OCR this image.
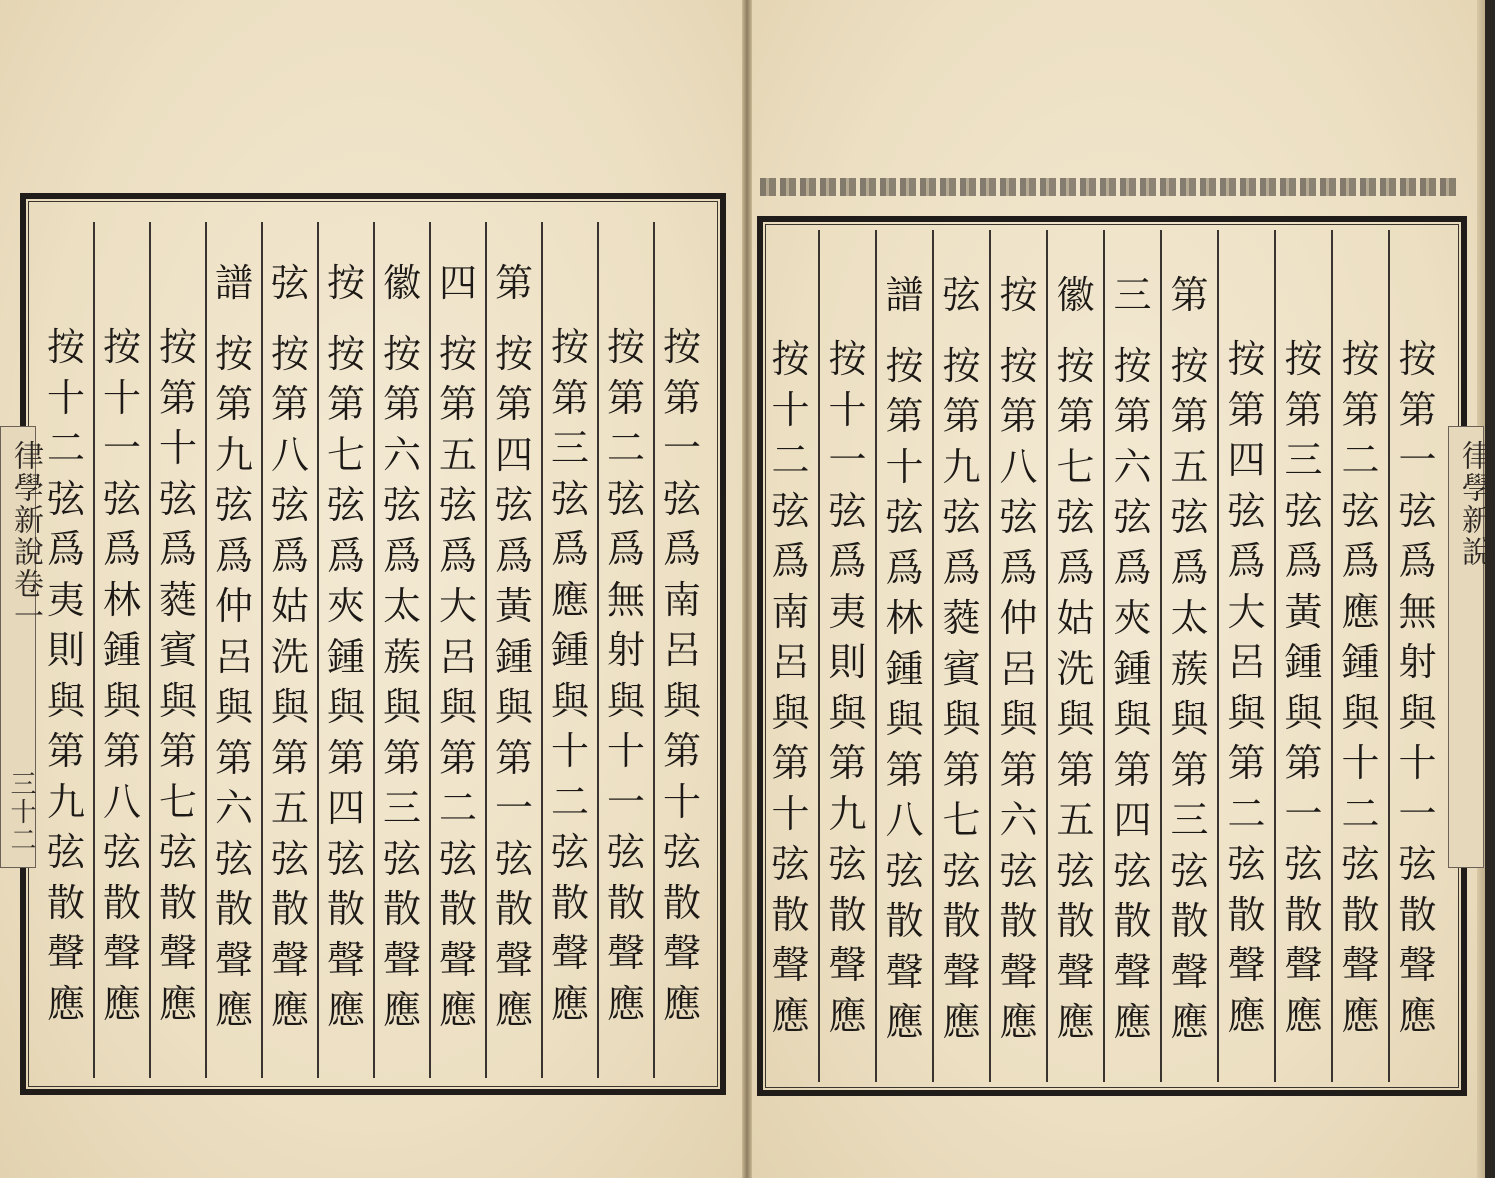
律學新說卷一
三十二
律學新說
按
第
一
弦
爲
南
呂
與
第
十
弦
散
聲
應
按
第
二
弦
爲
無
射
與
十
一
弦
散
聲
應
按
第
三
弦
爲
應
鍾
與
十
二
弦
散
聲
應
第
按
第
四
弦
爲
黃
鍾
與
第
一
弦
散
聲
應
四
按
第
五
弦
爲
大
呂
與
第
二
弦
散
聲
應
徽
按
第
六
弦
爲
太
蔟
與
第
三
弦
散
聲
應
按
按
第
七
弦
爲
夾
鍾
與
第
四
弦
散
聲
應
弦
按
第
八
弦
爲
姑
洗
與
第
五
弦
散
聲
應
譜
按
第
九
弦
爲
仲
呂
與
第
六
弦
散
聲
應
按
第
十
弦
爲
蕤
賓
與
第
七
弦
散
聲
應
按
十
一
弦
爲
林
鍾
與
第
八
弦
散
聲
應
按
十
二
弦
爲
夷
則
與
第
九
弦
散
聲
應
按
第
一
弦
爲
無
射
與
十
一
弦
散
聲
應
按
第
二
弦
爲
應
鍾
與
十
二
弦
散
聲
應
按
第
三
弦
爲
黃
鍾
與
第
一
弦
散
聲
應
按
第
四
弦
爲
大
呂
與
第
二
弦
散
聲
應
第
按
第
五
弦
爲
太
蔟
與
第
三
弦
散
聲
應
三
按
第
六
弦
爲
夾
鍾
與
第
四
弦
散
聲
應
徽
按
第
七
弦
爲
姑
洗
與
第
五
弦
散
聲
應
按
按
第
八
弦
爲
仲
呂
與
第
六
弦
散
聲
應
弦
按
第
九
弦
爲
蕤
賓
與
第
七
弦
散
聲
應
譜
按
第
十
弦
爲
林
鍾
與
第
八
弦
散
聲
應
按
十
一
弦
爲
夷
則
與
第
九
弦
散
聲
應
按
十
二
弦
爲
南
呂
與
第
十
弦
散
聲
應
